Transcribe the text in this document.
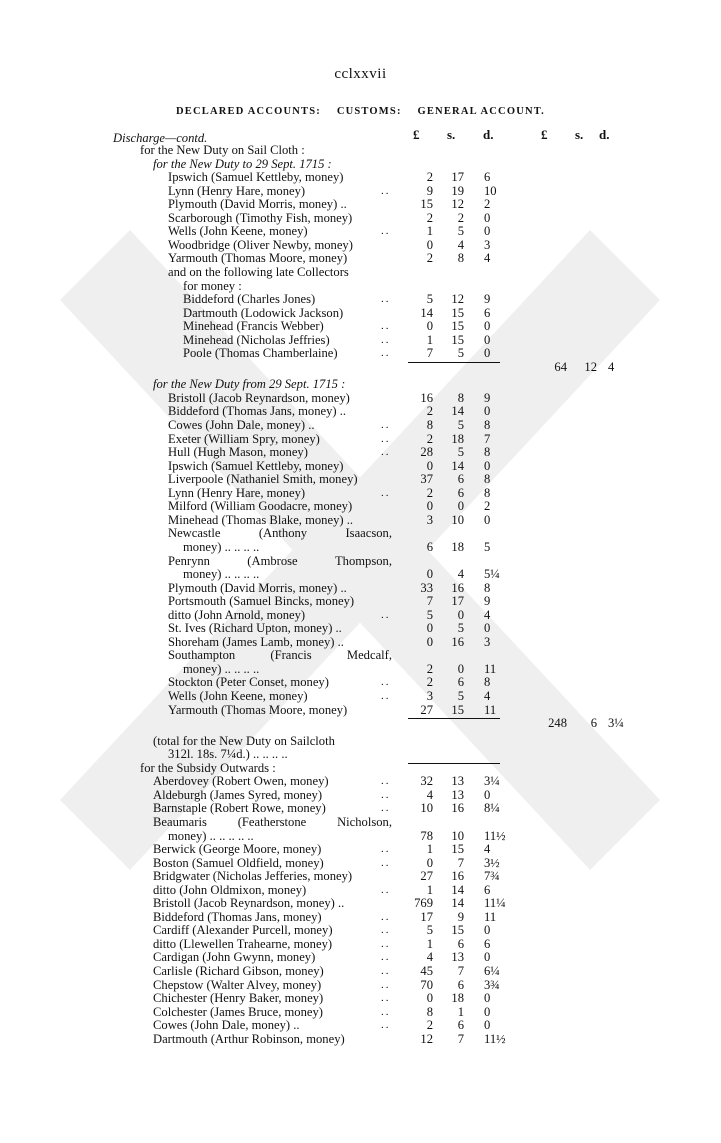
cclxxvii
DECLARED ACCOUNTS: CUSTOMS: GENERAL ACCOUNT.
£ s. d.	£ s. d.
Discharge—contd.
for the New Duty on Sail Cloth :
for the New Duty to 29 Sept. 1715 :
Ipswich (Samuel Kettleby, money)	2	17 6
Lynn (Henry Hare, money)	..	9	19 10
Plymouth (David Morris, money) ..	15	12 2
Scarborough (Timothy Fish, money)	2	2 0
Wells (John Keene, money)	..	1	5 0
Woodbridge (Oliver Newby, money)	0	4 3
Yarmouth (Thomas Moore, money)	2	8 4
and on the following late Collectors
for money :
Biddeford (Charles Jones)	..	5	12 9
Dartmouth (Lodowick Jackson)	14	15 6
Minehead (Francis Webber)	..	0	15 0
Minehead (Nicholas Jeffries)	..	1	15 0
Poole (Thomas Chamberlaine)	..	7	5 0
64	12 4
for the New Duty from 29 Sept. 1715 :
Bristoll (Jacob Reynardson, money)	16	8 9
Biddeford (Thomas Jans, money) ..	2	14 0
Cowes (John Dale, money) ..	..	8	5 8
Exeter (William Spry, money)	..	2	18 7
Hull (Hugh Mason, money)	..	28	5 8
Ipswich (Samuel Kettleby, money)	0	14 0
Liverpoole (Nathaniel Smith, money)	37	6 8
Lynn (Henry Hare, money)	..	2	6 8
Milford (William Goodacre, money)	0	0 2
Minehead (Thomas Blake, money) ..	3	10 0
Newcastle	(Anthony	Isaacson,
money) .. .. .. ..	6	18 5
Penrynn	(Ambrose	Thompson,
money) .. .. .. ..	0	4 5¼
Plymouth (David Morris, money) ..	33	16 8
Portsmouth (Samuel Bincks, money)	7	17 9
ditto (John Arnold, money)	..	5	0 4
St. Ives (Richard Upton, money) ..	0	5 0
Shoreham (James Lamb, money) ..	0	16 3
Southampton	(Francis	Medcalf,
money) .. .. .. ..	2	0 11
Stockton (Peter Conset, money)	..	2	6 8
Wells (John Keene, money)	..	3	5 4
Yarmouth (Thomas Moore, money)	27	15 11
248	6 3¼
(total for the New Duty on Sailcloth
312l. 18s. 7¼d.) .. .. .. ..
for the Subsidy Outwards :
Aberdovey (Robert Owen, money)	..	32	13 3¼
Aldeburgh (James Syred, money)	..	4	13 0
Barnstaple (Robert Rowe, money)	..	10	16 8¼
Beaumaris (Featherstone Nicholson,
money) .. .. .. .. ..	78	10 11½
Berwick (George Moore, money)	..	1	15 4
Boston (Samuel Oldfield, money)	..	0	7 3½
Bridgwater (Nicholas Jefferies, money)	27	16 7¾
ditto (John Oldmixon, money)	..	1	14 6
Bristoll (Jacob Reynardson, money) ..	769	14 11¼
Biddeford (Thomas Jans, money)	..	17	9 11
Cardiff (Alexander Purcell, money)	..	5	15 0
ditto (Llewellen Trahearne, money)	..	1	6 6
Cardigan (John Gwynn, money)	..	4	13 0
Carlisle (Richard Gibson, money)	..	45	7 6¼
Chepstow (Walter Alvey, money)	..	70	6 3¾
Chichester (Henry Baker, money)	..	0	18 0
Colchester (James Bruce, money)	..	8	1 0
Cowes (John Dale, money) ..	..	2	6 0
Dartmouth (Arthur Robinson, money)	12	7 11½
